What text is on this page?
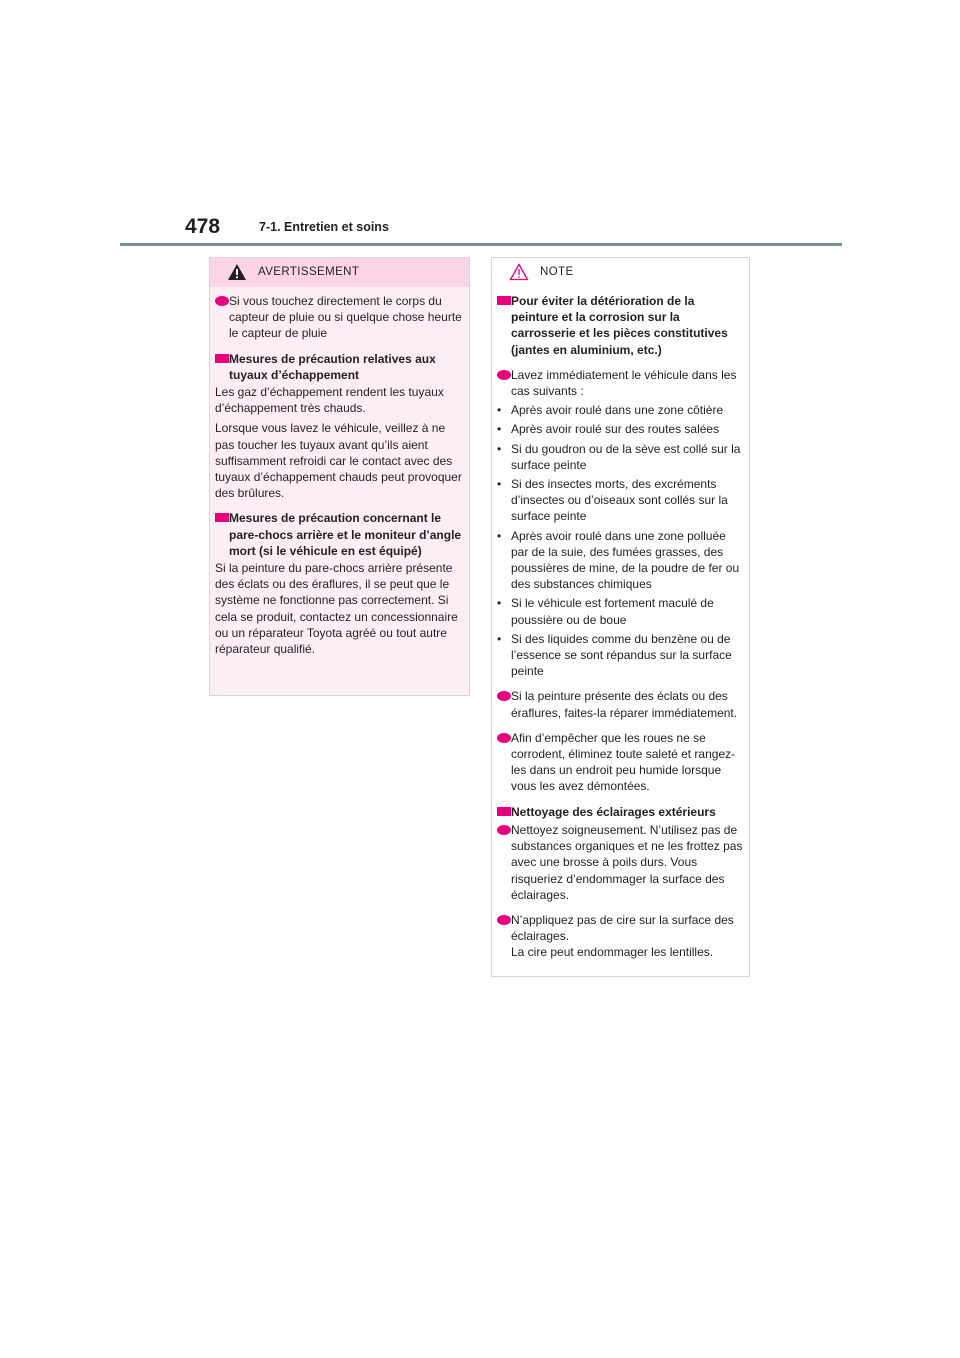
478	7-1. Entretien et soins
AVERTISSEMENT
Si vous touchez directement le corps du capteur de pluie ou si quelque chose heurte le capteur de pluie
Mesures de précaution relatives aux tuyaux d’échappement
Les gaz d’échappement rendent les tuyaux d’échappement très chauds.
Lorsque vous lavez le véhicule, veillez à ne pas toucher les tuyaux avant qu’ils aient suffisamment refroidi car le contact avec des tuyaux d’échappement chauds peut provoquer des brûlures.
Mesures de précaution concernant le pare-chocs arrière et le moniteur d’angle mort (si le véhicule en est équipé)
Si la peinture du pare-chocs arrière présente des éclats ou des éraflures, il se peut que le système ne fonctionne pas correctement. Si cela se produit, contactez un concessionnaire ou un réparateur Toyota agréé ou tout autre réparateur qualifié.
NOTE
Pour éviter la détérioration de la peinture et la corrosion sur la carrosserie et les pièces constitutives (jantes en aluminium, etc.)
Lavez immédiatement le véhicule dans les cas suivants :
• Après avoir roulé dans une zone côtière
• Après avoir roulé sur des routes salées
• Si du goudron ou de la sève est collé sur la surface peinte
• Si des insectes morts, des excréments d’insectes ou d’oiseaux sont collés sur la surface peinte
• Après avoir roulé dans une zone polluée par de la suie, des fumées grasses, des poussières de mine, de la poudre de fer ou des substances chimiques
• Si le véhicule est fortement maculé de poussière ou de boue
• Si des liquides comme du benzène ou de l’essence se sont répandus sur la surface peinte
Si la peinture présente des éclats ou des éraflures, faites-la réparer immédiatement.
Afin d’empêcher que les roues ne se corrodent, éliminez toute saleté et rangez-les dans un endroit peu humide lorsque vous les avez démontées.
Nettoyage des éclairages extérieurs
Nettoyez soigneusement. N’utilisez pas de substances organiques et ne les frottez pas avec une brosse à poils durs. Vous risqueriez d’endommager la surface des éclairages.
N’appliquez pas de cire sur la surface des éclairages.
La cire peut endommager les lentilles.
